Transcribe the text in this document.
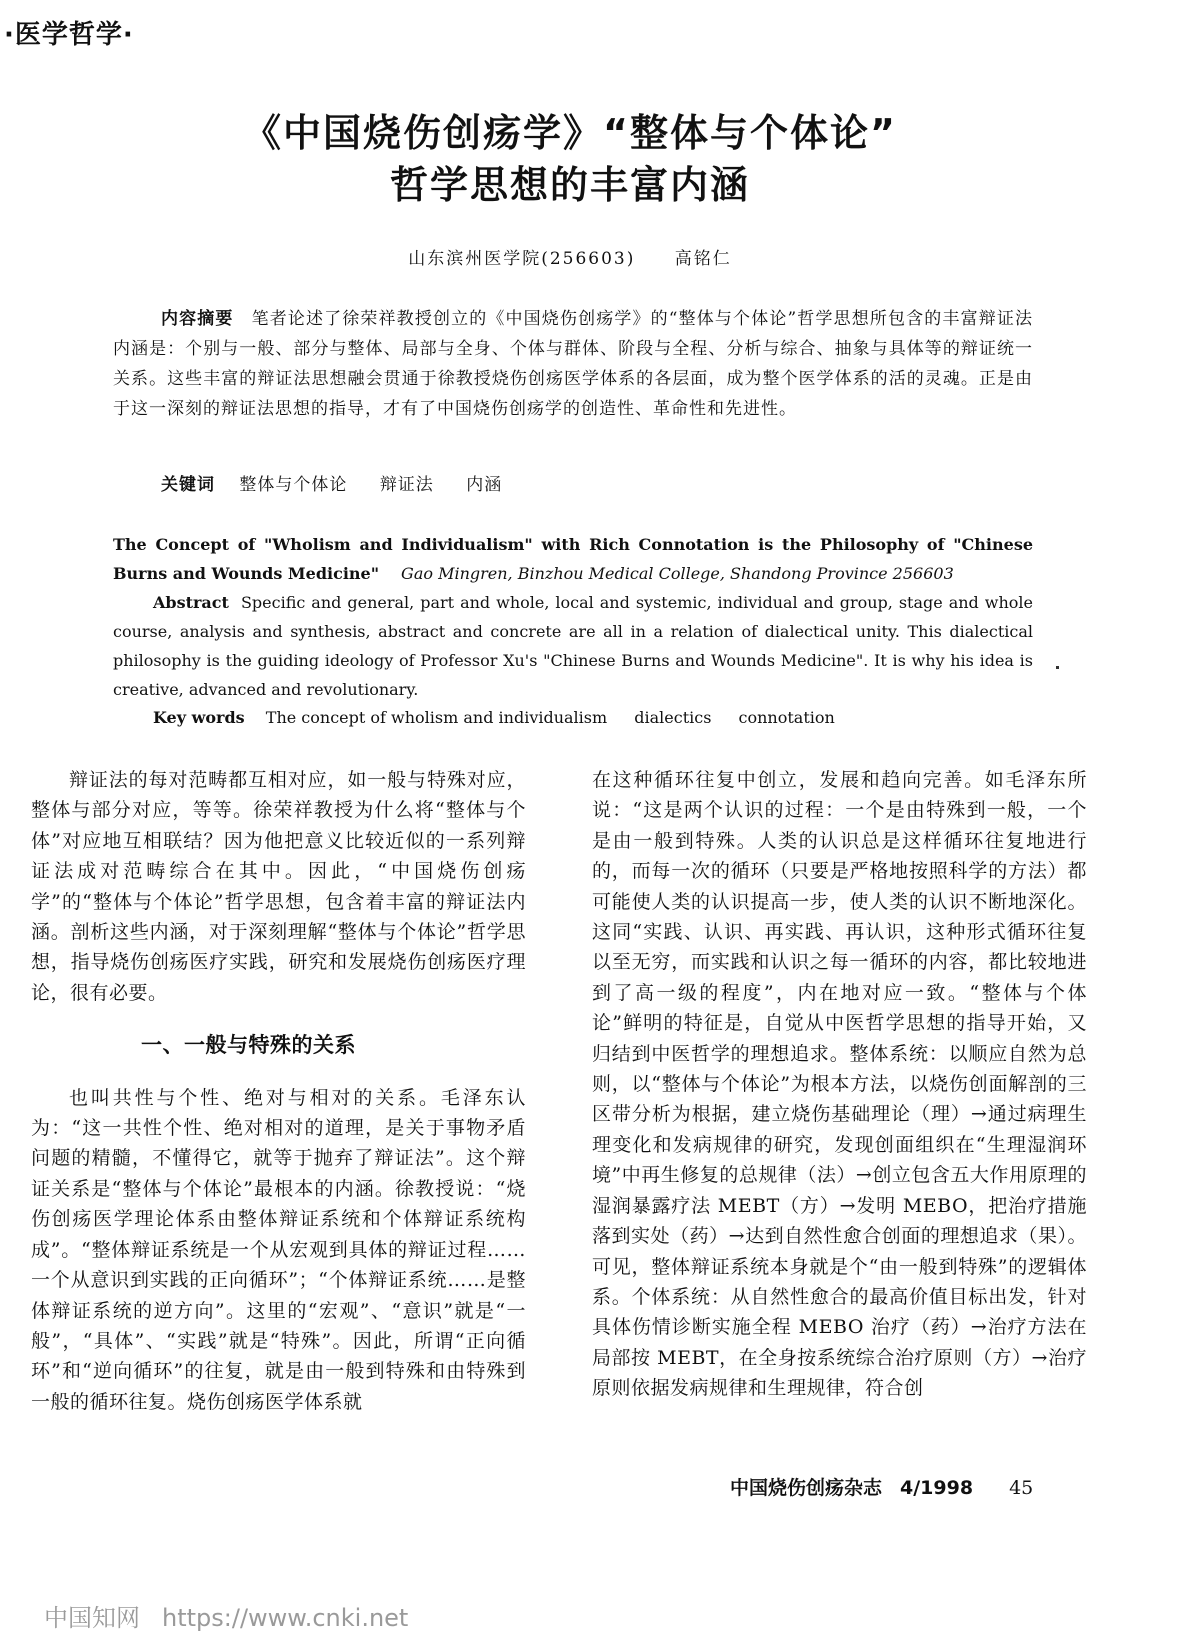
·医学哲学·
《中国烧伤创疡学》“整体与个体论”
哲学思想的丰富内涵
山东滨州医学院(256603) 高铭仁
内容摘要 笔者论述了徐荣祥教授创立的《中国烧伤创疡学》的“整体与个体论”哲学思想所包含的丰富辩证法内涵是：个别与一般、部分与整体、局部与全身、个体与群体、阶段与全程、分析与综合、抽象与具体等的辩证统一关系。这些丰富的辩证法思想融会贯通于徐教授烧伤创疡医学体系的各层面，成为整个医学体系的活的灵魂。正是由于这一深刻的辩证法思想的指导，才有了中国烧伤创疡学的创造性、革命性和先进性。
关键词 整体与个体论 辩证法 内涵
The Concept of "Wholism and Individualism" with Rich Connotation is the Philosophy of "Chinese Burns and Wounds Medicine" Gao Mingren, Binzhou Medical College, Shandong Province 256603
Abstract Specific and general, part and whole, local and systemic, individual and group, stage and whole course, analysis and synthesis, abstract and concrete are all in a relation of dialectical unity. This dialectical philosophy is the guiding ideology of Professor Xu's "Chinese Burns and Wounds Medicine". It is why his idea is creative, advanced and revolutionary.
Key words The concept of wholism and individualism dialectics connotation

辩证法的每对范畴都互相对应，如一般与特殊对应，整体与部分对应，等等。徐荣祥教授为什么将“整体与个体”对应地互相联结？因为他把意义比较近似的一系列辩证法成对范畴综合在其中。因此，“中国烧伤创疡学”的“整体与个体论”哲学思想，包含着丰富的辩证法内涵。剖析这些内涵，对于深刻理解“整体与个体论”哲学思想，指导烧伤创疡医疗实践，研究和发展烧伤创疡医疗理论，很有必要。

一、一般与特殊的关系

也叫共性与个性、绝对与相对的关系。毛泽东认为：“这一共性个性、绝对相对的道理，是关于事物矛盾问题的精髓，不懂得它，就等于抛弃了辩证法”。这个辩证关系是“整体与个体论”最根本的内涵。徐教授说：“烧伤创疡医学理论体系由整体辩证系统和个体辩证系统构成”。“整体辩证系统是一个从宏观到具体的辩证过程……一个从意识到实践的正向循环”；“个体辩证系统……是整体辩证系统的逆方向”。这里的“宏观”、“意识”就是“一般”，“具体”、“实践”就是“特殊”。因此，所谓“正向循环”和“逆向循环”的往复，就是由一般到特殊和由特殊到一般的循环往复。烧伤创疡医学体系就

在这种循环往复中创立，发展和趋向完善。如毛泽东所说：“这是两个认识的过程：一个是由特殊到一般，一个是由一般到特殊。人类的认识总是这样循环往复地进行的，而每一次的循环（只要是严格地按照科学的方法）都可能使人类的认识提高一步，使人类的认识不断地深化。这同“实践、认识、再实践、再认识，这种形式循环往复以至无穷，而实践和认识之每一循环的内容，都比较地进到了高一级的程度”，内在地对应一致。“整体与个体论”鲜明的特征是，自觉从中医哲学思想的指导开始，又归结到中医哲学的理想追求。整体系统：以顺应自然为总则，以“整体与个体论”为根本方法，以烧伤创面解剖的三区带分析为根据，建立烧伤基础理论（理）→通过病理生理变化和发病规律的研究，发现创面组织在“生理湿润环境”中再生修复的总规律（法）→创立包含五大作用原理的湿润暴露疗法 MEBT（方）→发明 MEBO，把治疗措施落到实处（药）→达到自然性愈合创面的理想追求（果）。可见，整体辩证系统本身就是个“由一般到特殊”的逻辑体系。个体系统：从自然性愈合的最高价值目标出发，针对具体伤情诊断实施全程 MEBO 治疗（药）→治疗方法在局部按 MEBT，在全身按系统综合治疗原则（方）→治疗原则依据发病规律和生理规律，符合创

中国烧伤创疡杂志 4/1998 45
中国知网 https://www.cnki.net
